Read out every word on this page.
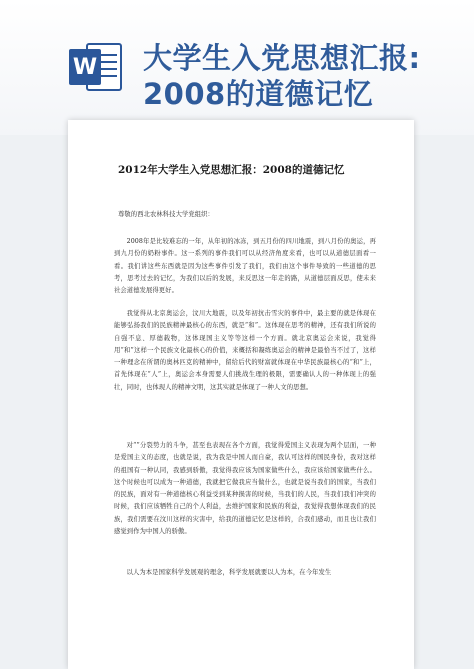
W 大学生入党思想汇报:
2008的道德记忆
2012年大学生入党思想汇报：2008的道德记忆
尊敬的西北农林科技大学党组织：
2008年是比较难忘的一年，从年初的冰冻，到五月份的四川地震，到八月份的奥运，再到九月份的奶粉事件。这一系列的事件我们可以从经济角度来看，也可以从道德层面看一看。我们讲这些东西就是因为这些事件引发了我们，我们由这个事件导致的一些道德的思考，思考过去的记忆，为我们以后的发展，来反思这一年走的路，从道德层面反思，使未来社会道德发展得更好。
我觉得从北京奥运会，汶川大地震，以及年初抗击雪灾的事件中，最主要的就是体现在能够弘扬我们的民族精神最核心的东西，就是“和”。这体现在思考的精神，还有我们所说的自强不息、厚德载物，这体现国主义等等这样一个方面。就北京奥运会来说，我觉得用“和”这样一个民族文化最核心的价值，来概括和凝练奥运会的精神是最恰当不过了，这样一种理念在所谓的奥林匹克的精神中，留给后代的财富就体现在中华民族最核心的“和”上，首先体现在“人”上，奥运会本身需要人们挑战生理的极限，需要确认人的一种体现上的强壮，同时，也体现人的精神文明，这其实就是体现了一种人文的思想。
对“”分裂势力的斗争，甚至也表现在各个方面，我觉得爱国主义表现为两个层面，一种是爱国主义的态度，也就是说，我为我是中国人而自豪，我认可这样的国民身份，我对这样的祖国有一种认同，我感到骄傲，我觉得我应该为国家做些什么，我应该给国家做些什么。这个时候也可以成为一种道德，我就把它做我应当做什么，也就是说当我们的国家，当我们的民族，面对有一种道德核心利益受到某种损害的时候，当我们的人民，当我们我们冲突的时候，我们应该牺牲自己的个人利益，去维护国家和民族的利益，我觉得我想体现我们的民族，我们需要在汶川这样的灾害中，给我的道德记忆是这样的，合我们感动，而且也让我们感觉到作为中国人的骄傲。
以人为本是国家科学发展观的理念，科学发展就要以人为本，在今年发生
